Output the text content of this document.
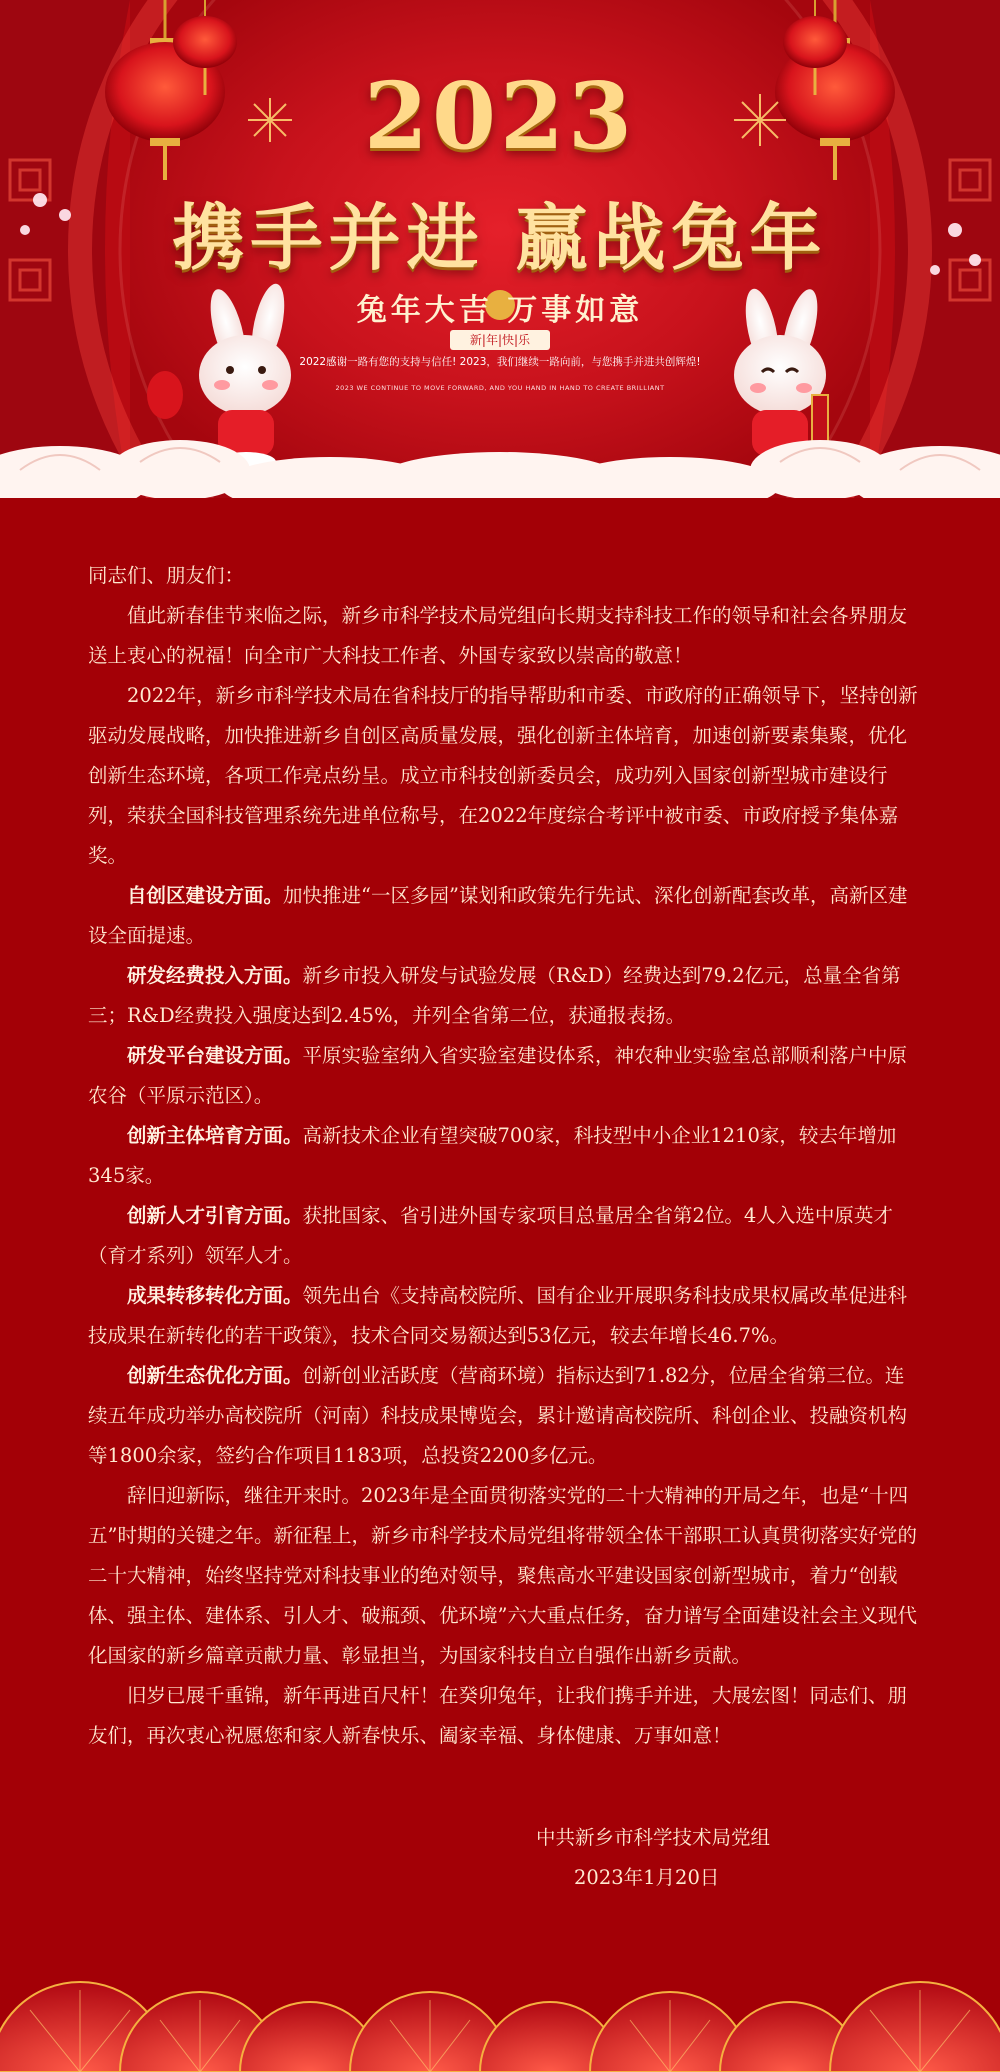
2023
携手并进 赢战兔年
兔年大吉 万事如意
新|年|快|乐
2022感谢一路有您的支持与信任! 2023，我们继续一路向前，与您携手并进共创辉煌!
2023 WE CONTINUE TO MOVE FORWARD, AND YOU HAND IN HAND TO CREATE BRILLIANT

同志们、朋友们：

值此新春佳节来临之际，新乡市科学技术局党组向长期支持科技工作的领导和社会各界朋友送上衷心的祝福！向全市广大科技工作者、外国专家致以崇高的敬意！

2022年，新乡市科学技术局在省科技厅的指导帮助和市委、市政府的正确领导下，坚持创新驱动发展战略，加快推进新乡自创区高质量发展，强化创新主体培育，加速创新要素集聚，优化创新生态环境，各项工作亮点纷呈。成立市科技创新委员会，成功列入国家创新型城市建设行列，荣获全国科技管理系统先进单位称号，在2022年度综合考评中被市委、市政府授予集体嘉奖。

自创区建设方面。加快推进“一区多园”谋划和政策先行先试、深化创新配套改革，高新区建设全面提速。

研发经费投入方面。新乡市投入研发与试验发展（R&D）经费达到79.2亿元，总量全省第三；R&D经费投入强度达到2.45%，并列全省第二位，获通报表扬。

研发平台建设方面。平原实验室纳入省实验室建设体系，神农种业实验室总部顺利落户中原农谷（平原示范区）。

创新主体培育方面。高新技术企业有望突破700家，科技型中小企业1210家，较去年增加345家。

创新人才引育方面。获批国家、省引进外国专家项目总量居全省第2位。4人入选中原英才（育才系列）领军人才。

成果转移转化方面。领先出台《支持高校院所、国有企业开展职务科技成果权属改革促进科技成果在新转化的若干政策》，技术合同交易额达到53亿元，较去年增长46.7%。

创新生态优化方面。创新创业活跃度（营商环境）指标达到71.82分，位居全省第三位。连续五年成功举办高校院所（河南）科技成果博览会，累计邀请高校院所、科创企业、投融资机构等1800余家，签约合作项目1183项，总投资2200多亿元。

辞旧迎新际，继往开来时。2023年是全面贯彻落实党的二十大精神的开局之年，也是“十四五”时期的关键之年。新征程上，新乡市科学技术局党组将带领全体干部职工认真贯彻落实好党的二十大精神，始终坚持党对科技事业的绝对领导，聚焦高水平建设国家创新型城市，着力“创载体、强主体、建体系、引人才、破瓶颈、优环境”六大重点任务，奋力谱写全面建设社会主义现代化国家的新乡篇章贡献力量、彰显担当，为国家科技自立自强作出新乡贡献。

旧岁已展千重锦，新年再进百尺杆！在癸卯兔年，让我们携手并进，大展宏图！同志们、朋友们，再次衷心祝愿您和家人新春快乐、阖家幸福、身体健康、万事如意！

中共新乡市科学技术局党组
2023年1月20日
